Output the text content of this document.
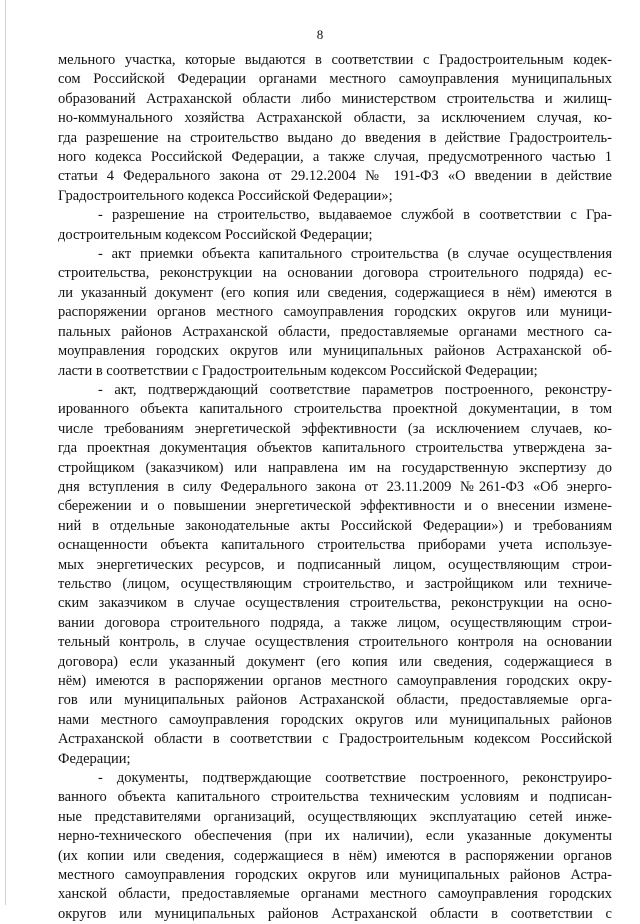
8

мельного участка, которые выдаются в соответствии с Градостроительным кодек-

сом Российской Федерации органами местного самоуправления муниципальных

образований Астраханской области либо министерством строительства и жилищ-

но-коммунального хозяйства Астраханской области, за исключением случая, ко-

гда разрешение на строительство выдано до введения в действие Градостроитель-

ного кодекса Российской Федерации, а также случая, предусмотренного частью 1

статьи 4 Федерального закона от 29.12.2004 № 191-ФЗ «О введении в действие

Градостроительного кодекса Российской Федерации»;

- разрешение на строительство, выдаваемое службой в соответствии с Гра-

достроительным кодексом Российской Федерации;

- акт приемки объекта капитального строительства (в случае осуществления

строительства, реконструкции на основании договора строительного подряда) ес-

ли указанный документ (его копия или сведения, содержащиеся в нём) имеются в

распоряжении органов местного самоуправления городских округов или муници-

пальных районов Астраханской области, предоставляемые органами местного са-

моуправления городских округов или муниципальных районов Астраханской об-

ласти в соответствии с Градостроительным кодексом Российской Федерации;

- акт, подтверждающий соответствие параметров построенного, реконстру-

ированного объекта капитального строительства проектной документации, в том

числе требованиям энергетической эффективности (за исключением случаев, ко-

гда проектная документация объектов капитального строительства утверждена за-

стройщиком (заказчиком) или направлена им на государственную экспертизу до

дня вступления в силу Федерального закона от 23.11.2009 №261-ФЗ «Об энерго-

сбережении и о повышении энергетической эффективности и о внесении измене-

ний в отдельные законодательные акты Российской Федерации») и требованиям

оснащенности объекта капитального строительства приборами учета используе-

мых энергетических ресурсов, и подписанный лицом, осуществляющим строи-

тельство (лицом, осуществляющим строительство, и застройщиком или техниче-

ским заказчиком в случае осуществления строительства, реконструкции на осно-

вании договора строительного подряда, а также лицом, осуществляющим строи-

тельный контроль, в случае осуществления строительного контроля на основании

договора) если указанный документ (его копия или сведения, содержащиеся в

нём) имеются в распоряжении органов местного самоуправления городских окру-

гов или муниципальных районов Астраханской области, предоставляемые орга-

нами местного самоуправления городских округов или муниципальных районов

Астраханской области в соответствии с Градостроительным кодексом Российской

Федерации;

- документы, подтверждающие соответствие построенного, реконструиро-

ванного объекта капитального строительства техническим условиям и подписан-

ные представителями организаций, осуществляющих эксплуатацию сетей инже-

нерно-технического обеспечения (при их наличии), если указанные документы

(их копии или сведения, содержащиеся в нём) имеются в распоряжении органов

местного самоуправления городских округов или муниципальных районов Астра-

ханской области, предоставляемые органами местного самоуправления городских

округов или муниципальных районов Астраханской области в соответствии с
